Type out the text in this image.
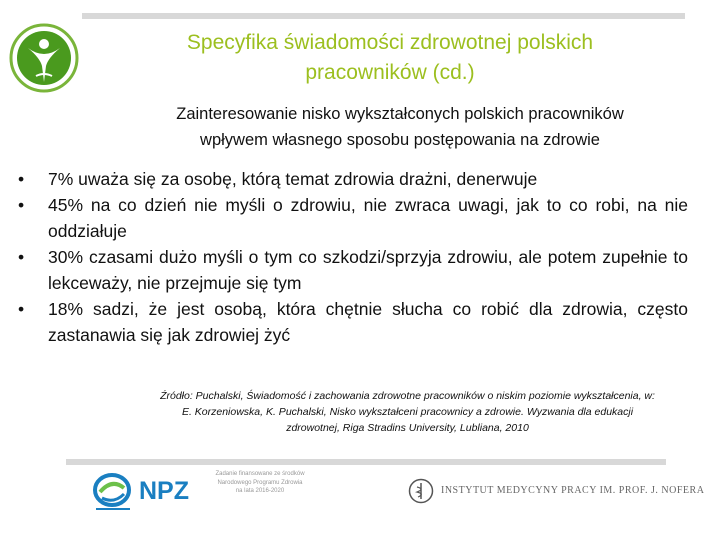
Specyfika świadomości zdrowotnej polskich
pracowników (cd.)
Zainteresowanie nisko wykształconych polskich pracowników
wpływem własnego sposobu postępowania na zdrowie
• 7% uważa się za osobę, którą temat zdrowia drażni, denerwuje
• 45% na co dzień nie myśli o zdrowiu, nie zwraca uwagi, jak to co robi, na nie oddziałuje
• 30% czasami dużo myśli o tym co szkodzi/sprzyja zdrowiu, ale potem zupełnie to lekceważy, nie przejmuje się tym
• 18% sadzi, że jest osobą, która chętnie słucha co robić dla zdrowia, często zastanawia się jak zdrowiej żyć
Źródło: Puchalski, Świadomość i zachowania zdrowotne pracowników o niskim poziomie wykształcenia, w:
E. Korzeniowska, K. Puchalski, Nisko wykształceni pracownicy a zdrowie. Wyzwania dla edukacji
zdrowotnej, Riga Stradins University, Lubliana, 2010
NPZ
Zadanie finansowane ze środków
Narodowego Programu Zdrowia
na lata 2016-2020	INSTYTUT MEDYCYNY PRACY IM. PROF. J. NOFERA
